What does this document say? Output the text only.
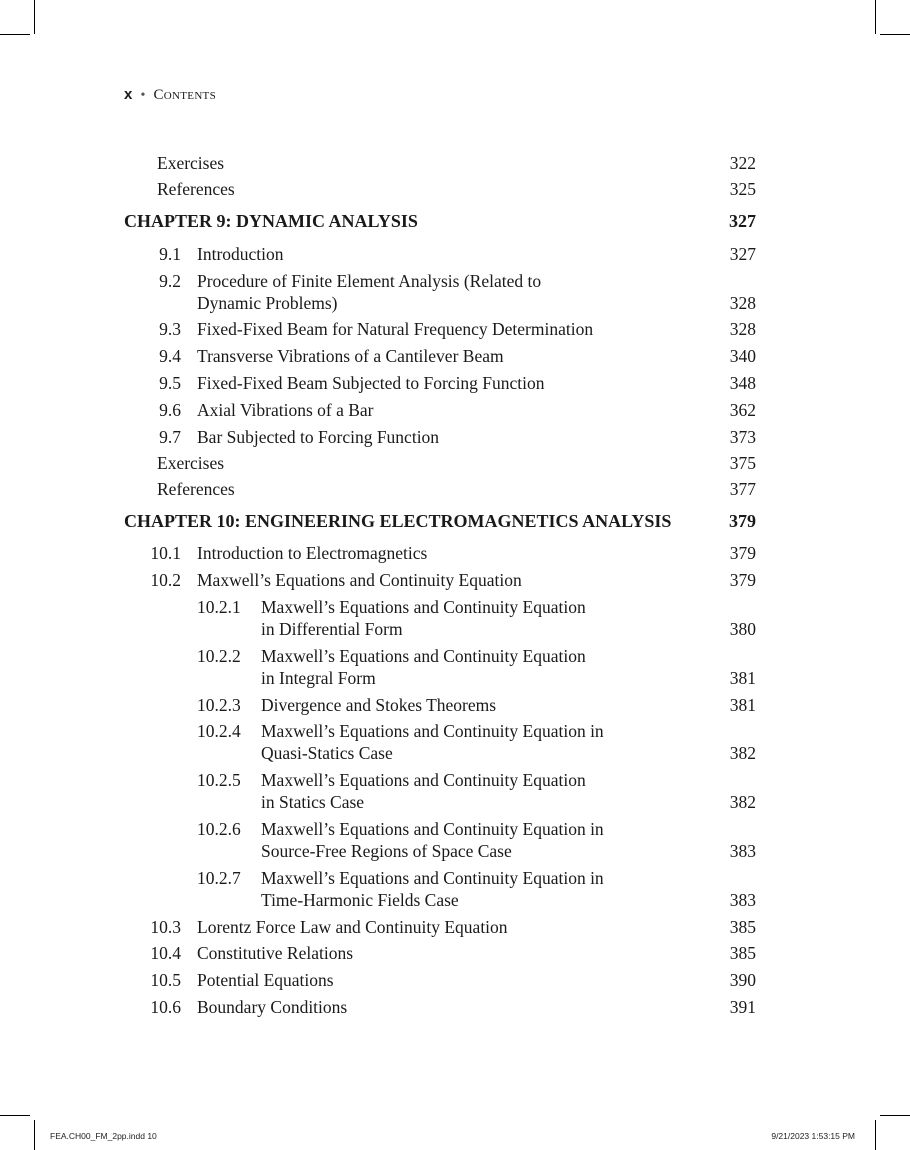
x • Contents
Exercises	322
References	325
CHAPTER 9: DYNAMIC ANALYSIS	327
9.1 Introduction	327
9.2 Procedure of Finite Element Analysis (Related to
Dynamic Problems)	328
9.3 Fixed-Fixed Beam for Natural Frequency Determination	328
9.4 Transverse Vibrations of a Cantilever Beam	340
9.5 Fixed-Fixed Beam Subjected to Forcing Function	348
9.6 Axial Vibrations of a Bar	362
9.7 Bar Subjected to Forcing Function	373
Exercises	375
References	377
CHAPTER 10: ENGINEERING ELECTROMAGNETICS ANALYSIS	379
10.1 Introduction to Electromagnetics	379
10.2 Maxwell’s Equations and Continuity Equation	379
10.2.1 Maxwell’s Equations and Continuity Equation
in Differential Form	380
10.2.2 Maxwell’s Equations and Continuity Equation
in Integral Form	381
10.2.3 Divergence and Stokes Theorems	381
10.2.4 Maxwell’s Equations and Continuity Equation in
Quasi-Statics Case	382
10.2.5 Maxwell’s Equations and Continuity Equation
in Statics Case	382
10.2.6 Maxwell’s Equations and Continuity Equation in
Source-Free Regions of Space Case	383
10.2.7 Maxwell’s Equations and Continuity Equation in
Time-Harmonic Fields Case	383
10.3 Lorentz Force Law and Continuity Equation	385
10.4 Constitutive Relations	385
10.5 Potential Equations	390
10.6 Boundary Conditions	391
FEA.CH00_FM_2pp.indd 10	9/21/2023 1:53:15 PM
